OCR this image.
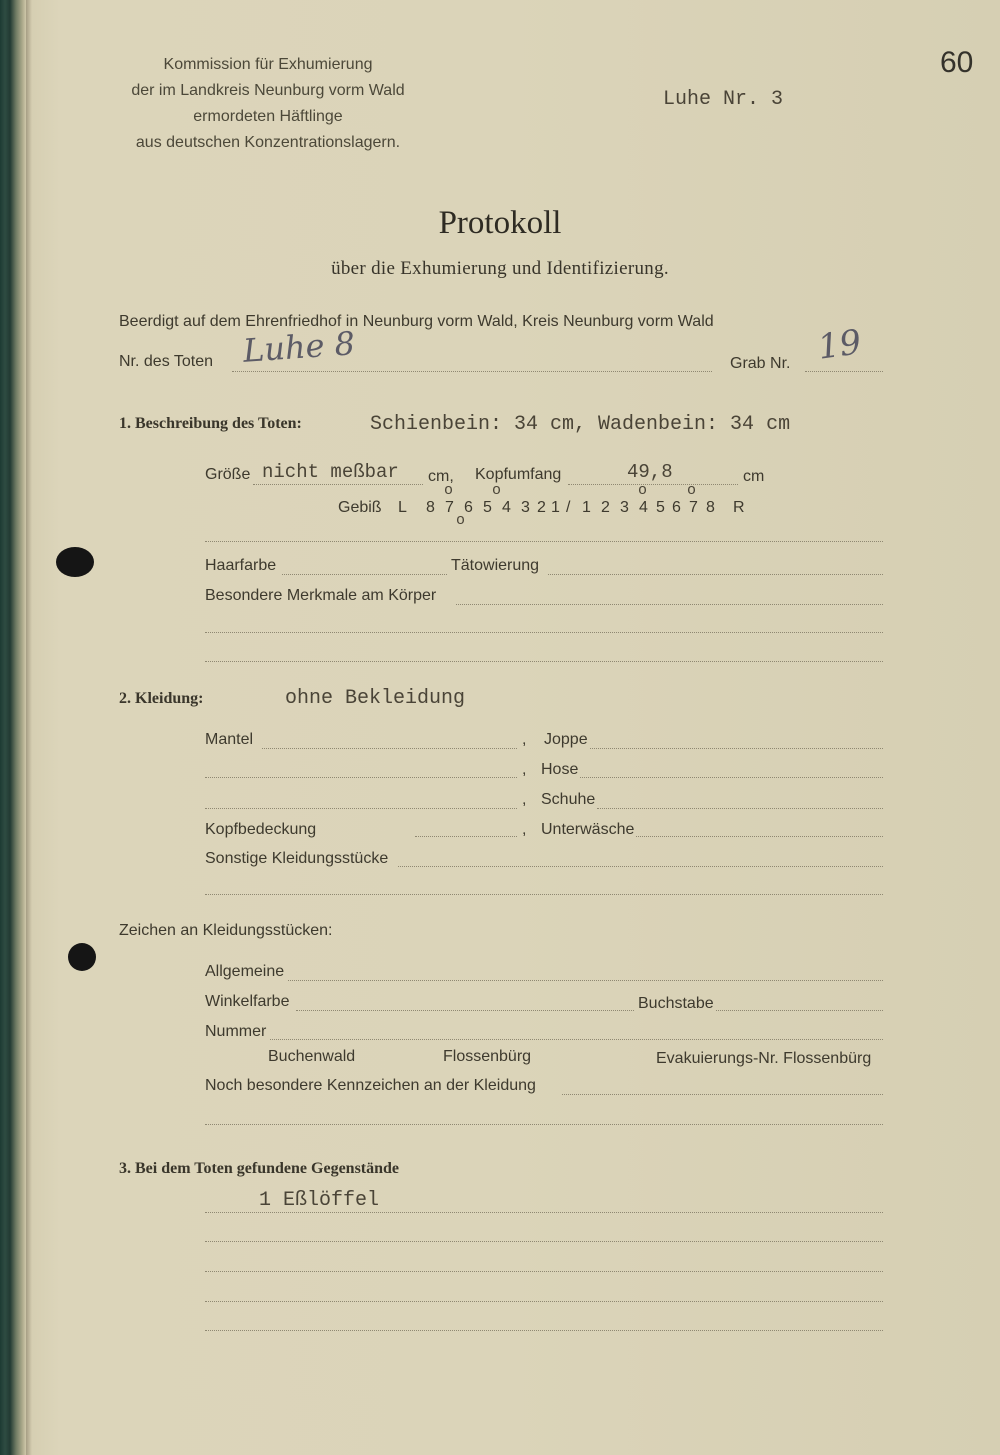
Kommission für Exhumierung
der im Landkreis Neunburg vorm Wald
ermordeten Häftlinge
aus deutschen Konzentrationslagern.
Luhe Nr. 3
60
Protokoll
über die Exhumierung und Identifizierung.
Beerdigt auf dem Ehrenfriedhof in Neunburg vorm Wald, Kreis Neunburg vorm Wald
Nr. des Toten Luhe 8	Grab Nr. 19
1. Beschreibung des Toten:	Schienbein: 34 cm, Wadenbein: 34 cm
Größe nicht meßbar cm, Kopfumfang	49,8	cm
Gebiß L 8 7 6 5 4 3 2 1 / 1 2 3 4 5 6 7 8 R
o	o	o	o
o
Haarfarbe	Tätowierung
Besondere Merkmale am Körper
2. Kleidung:	ohne Bekleidung
Mantel	, Joppe
, Hose
, Schuhe
Kopfbedeckung	, Unterwäsche
Sonstige Kleidungsstücke
Zeichen an Kleidungsstücken:
Allgemeine
Winkelfarbe	Buchstabe
Nummer
Buchenwald	Flossenbürg	Evakuierungs-Nr. Flossenbürg
Noch besondere Kennzeichen an der Kleidung
3. Bei dem Toten gefundene Gegenstände
1 Eßlöffel
